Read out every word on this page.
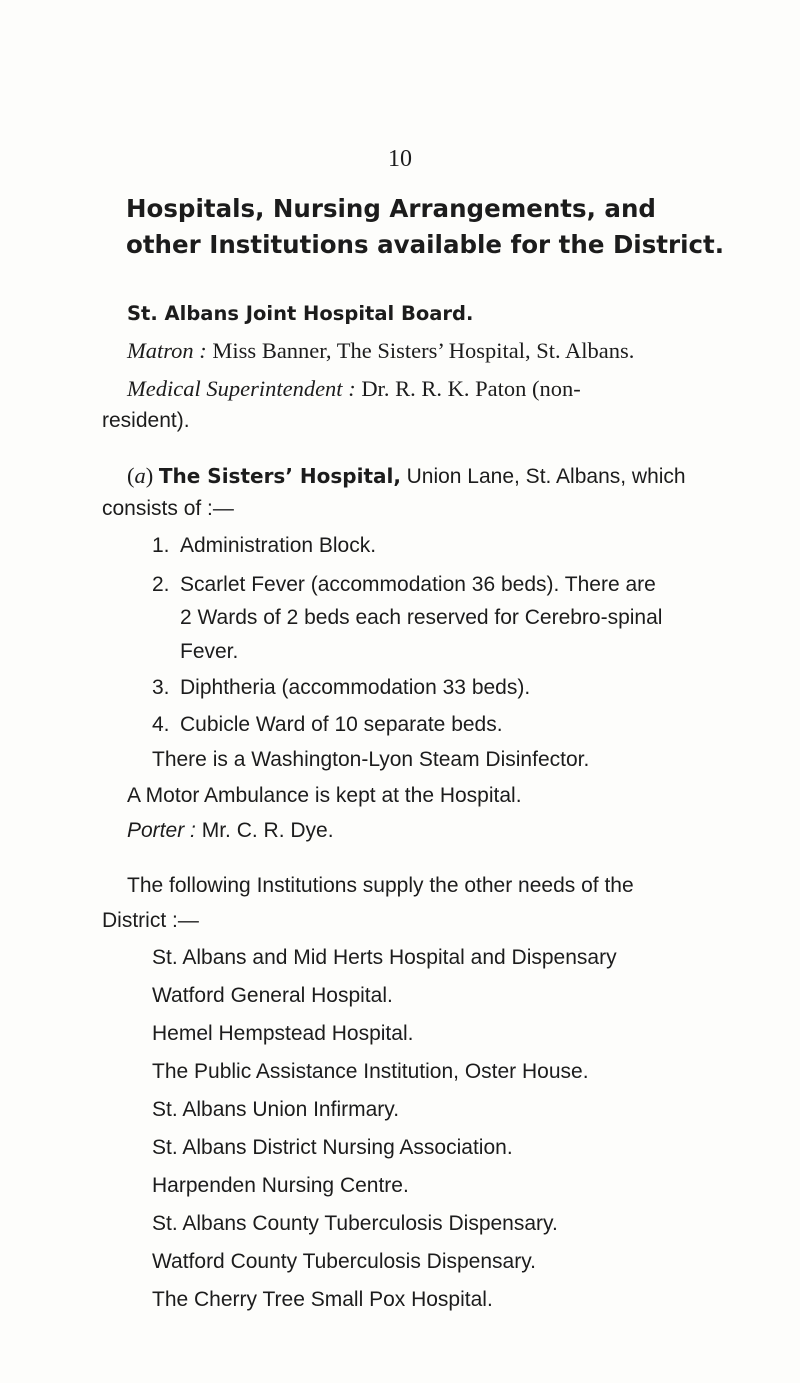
10
Hospitals, Nursing Arrangements, and
other Institutions available for the District.
St. Albans Joint Hospital Board.
Matron : Miss Banner, The Sisters’ Hospital, St. Albans.
Medical Superintendent : Dr. R. R. K. Paton (non-
resident).
(a) The Sisters’ Hospital, Union Lane, St. Albans, which
consists of :—
1. Administration Block.
2. Scarlet Fever (accommodation 36 beds). There are
2 Wards of 2 beds each reserved for Cerebro-spinal
Fever.
3. Diphtheria (accommodation 33 beds).
4. Cubicle Ward of 10 separate beds.
There is a Washington-Lyon Steam Disinfector.
A Motor Ambulance is kept at the Hospital.
Porter : Mr. C. R. Dye.
The following Institutions supply the other needs of the
District :—
St. Albans and Mid Herts Hospital and Dispensary
Watford General Hospital.
Hemel Hempstead Hospital.
The Public Assistance Institution, Oster House.
St. Albans Union Infirmary.
St. Albans District Nursing Association.
Harpenden Nursing Centre.
St. Albans County Tuberculosis Dispensary.
Watford County Tuberculosis Dispensary.
The Cherry Tree Small Pox Hospital.
